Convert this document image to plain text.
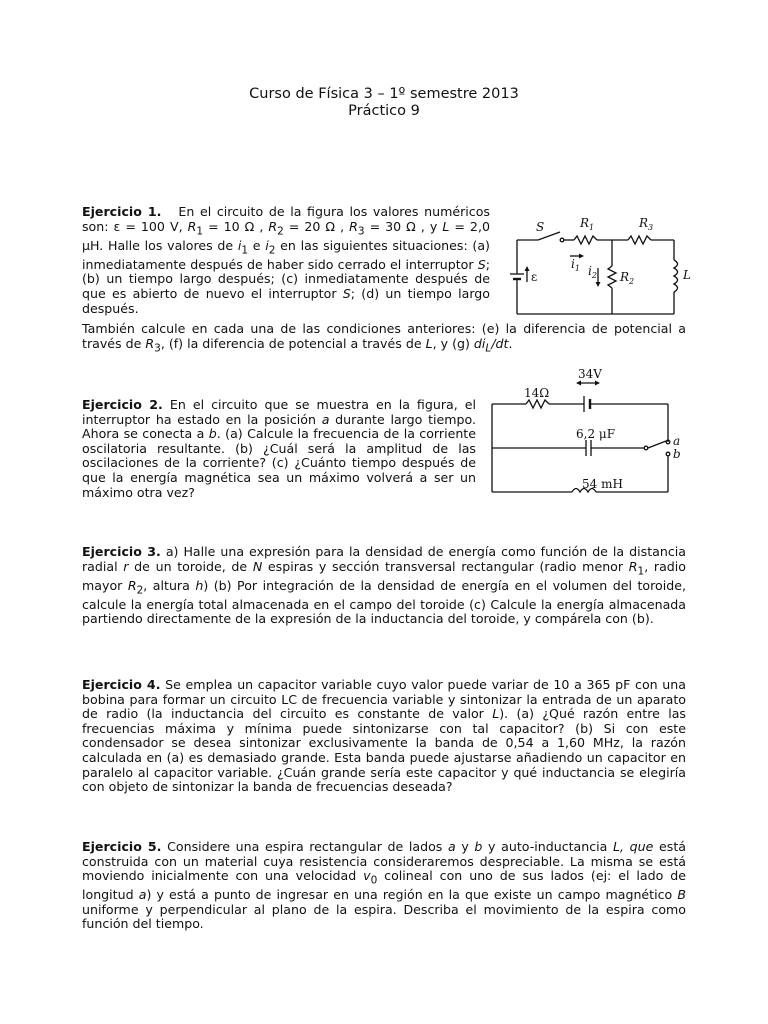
Curso de Física 3 – 1º semestre 2013
Práctico 9
Ejercicio 1.   En el circuito de la figura los valores numéricos son: ε = 100 V, $R_1 = 10$ Ω , $R_2 = 20$ Ω , $R_3 = 30$ Ω , y L = 2,0 μH. Halle los valores de $i_1$ e $i_2$ en las siguientes situaciones: (a) inmediatamente después de haber sido cerrado el interruptor S; (b) un tiempo largo después; (c) inmediatamente después de que es abierto de nuevo el interruptor S; (d) un tiempo largo después.
También calcule en cada una de las condiciones anteriores: (e) la diferencia de potencial a través de $R_3$, (f) la diferencia de potencial a través de L, y (g) $di_L/dt$.
S	$R_1$	$R_3$
$R_2$
$i_1$ $i_2$
ε	L
Ejercicio 2. En el circuito que se muestra en la figura, el interruptor ha estado en la posición a durante largo tiempo. Ahora se conecta a b. (a) Calcule la frecuencia de la corriente oscilatoria resultante. (b) ¿Cuál será la amplitud de las oscilaciones de la corriente? (c) ¿Cuánto tiempo después de que la energía magnética sea un máximo volverá a ser un máximo otra vez?
34V
14Ω
6,2 μF
54 mH
a
b
Ejercicio 3. a) Halle una expresión para la densidad de energía como función de la distancia radial r de un toroide, de N espiras y sección transversal rectangular (radio menor $R_1$, radio mayor $R_2$, altura h) (b) Por integración de la densidad de energía en el volumen del toroide, calcule la energía total almacenada en el campo del toroide (c) Calcule la energía almacenada partiendo directamente de la expresión de la inductancia del toroide, y compárela con (b).
Ejercicio 4. Se emplea un capacitor variable cuyo valor puede variar de 10 a 365 pF con una bobina para formar un circuito LC de frecuencia variable y sintonizar la entrada de un aparato de radio (la inductancia del circuito es constante de valor L). (a) ¿Qué razón entre las frecuencias máxima y mínima puede sintonizarse con tal capacitor? (b) Si con este condensador se desea sintonizar exclusivamente la banda de 0,54 a 1,60 MHz, la razón calculada en (a) es demasiado grande. Esta banda puede ajustarse añadiendo un capacitor en paralelo al capacitor variable. ¿Cuán grande sería este capacitor y qué inductancia se elegiría con objeto de sintonizar la banda de frecuencias deseada?
Ejercicio 5. Considere una espira rectangular de lados a y b y auto-inductancia L, que está construida con un material cuya resistencia consideraremos despreciable. La misma se está moviendo inicialmente con una velocidad $v_0$ colineal con uno de sus lados (ej: el lado de longitud a) y está a punto de ingresar en una región en la que existe un campo magnético B uniforme y perpendicular al plano de la espira. Describa el movimiento de la espira como función del tiempo.
